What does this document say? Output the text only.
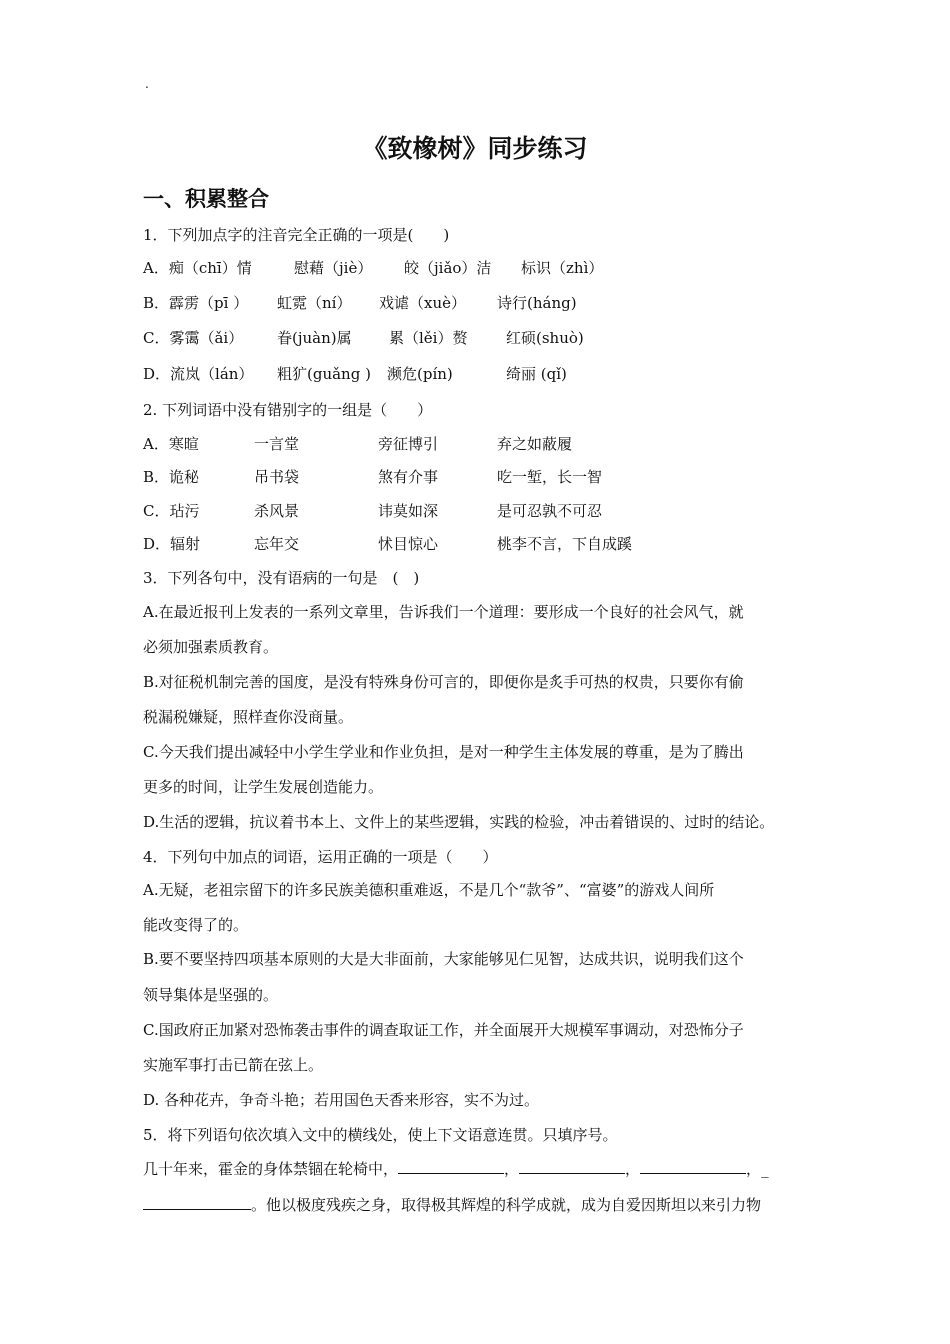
.
《致橡树》同步练习
一、积累整合
1．下列加点字的注音完全正确的一项是(　　)
A．痴（chī）情	慰藉（jiè） 皎（jiǎo）洁 标识（zhì）
B．霹雳（pī ） 虹霓（ní） 戏谑（xuè） 诗行(háng)
C．雾霭（ǎi） 眷(juàn)属 累（lěi）赘	红硕(shuò)
D．流岚（lán） 粗犷(guǎng ) 濒危(pín)	绮丽 (qǐ)
2. 下列词语中没有错别字的一组是（　　）
A．寒暄	一言堂	旁征博引	弃之如蔽履
B．诡秘	吊书袋	煞有介事	吃一堑，长一智
C．玷污	杀风景	讳莫如深	是可忍孰不可忍
D．辐射	忘年交	怵目惊心	桃李不言，下自成蹊
3．下列各句中，没有语病的一句是　(　)
A.在最近报刊上发表的一系列文章里，告诉我们一个道理：要形成一个良好的社会风气，就
必须加强素质教育。
B.对征税机制完善的国度，是没有特殊身份可言的，即便你是炙手可热的权贵，只要你有偷
税漏税嫌疑，照样查你没商量。
C.今天我们提出减轻中小学生学业和作业负担，是对一种学生主体发展的尊重，是为了腾出
更多的时间，让学生发展创造能力。
D.生活的逻辑，抗议着书本上、文件上的某些逻辑，实践的检验，冲击着错误的、过时的结论。
4．下列句中加点的词语，运用正确的一项是（　　）
A.无疑，老祖宗留下的许多民族美德积重难返，不是几个“款爷”、“富婆”的游戏人间所
能改变得了的。
B.要不要坚持四项基本原则的大是大非面前，大家能够见仁见智，达成共识，说明我们这个
领导集体是坚强的。
C.国政府正加紧对恐怖袭击事件的调查取证工作，并全面展开大规模军事调动，对恐怖分子
实施军事打击已箭在弦上。
D. 各种花卉，争奇斗艳；若用国色天香来形容，实不为过。
5．将下列语句依次填入文中的横线处，使上下文语意连贯。只填序号。
几十年来，霍金的身体禁锢在轮椅中，	，	，	，_
。他以极度残疾之身，取得极其辉煌的科学成就，成为自爱因斯坦以来引力物
